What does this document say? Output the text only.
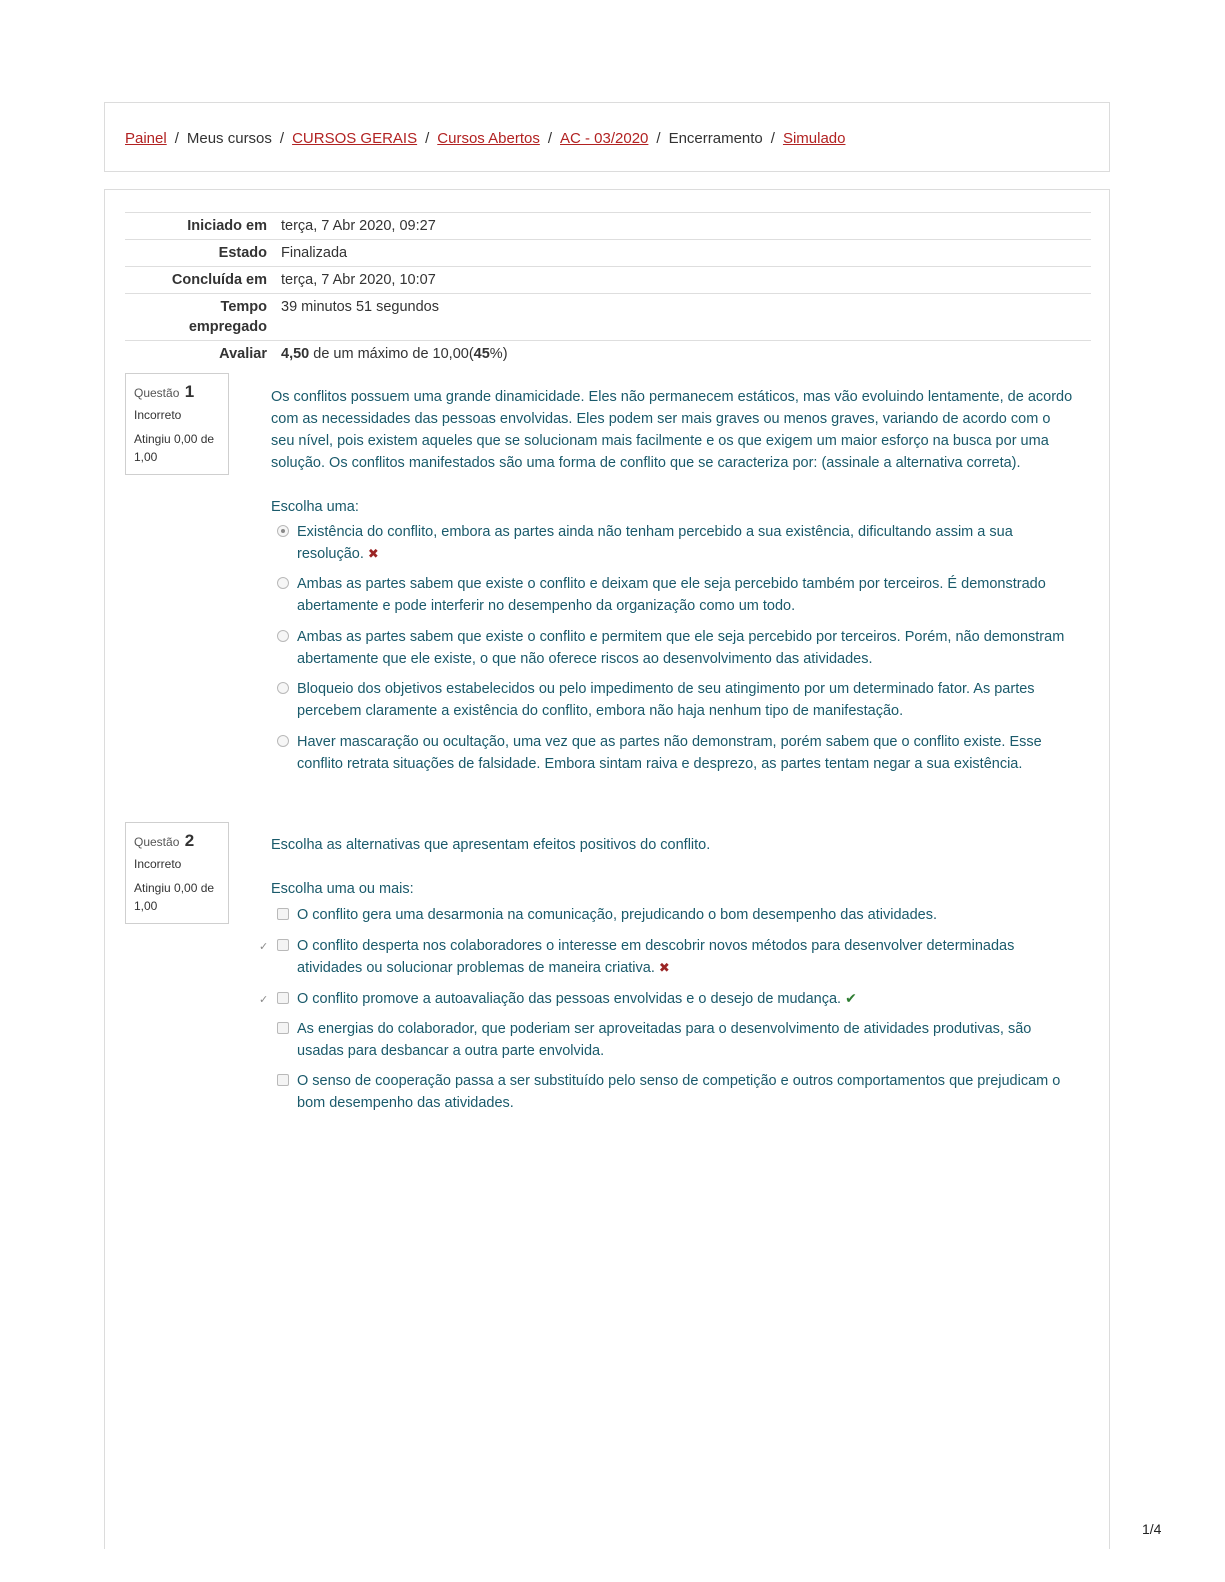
Painel / Meus cursos / CURSOS GERAIS / Cursos Abertos / AC - 03/2020 / Encerramento / Simulado
Iniciado em	terça, 7 Abr 2020, 09:27
Estado	Finalizada
Concluída em	terça, 7 Abr 2020, 10:07
Tempo
empregado	39 minutos 51 segundos
Avaliar	4,50 de um máximo de 10,00(45%)
Questão 1
Incorreto
Atingiu 0,00 de 1,00
Os conflitos possuem uma grande dinamicidade. Eles não permanecem estáticos, mas vão evoluindo lentamente, de acordo com as necessidades das pessoas envolvidas. Eles podem ser mais graves ou menos graves, variando de acordo com o seu nível, pois existem aqueles que se solucionam mais facilmente e os que exigem um maior esforço na busca por uma solução. Os conflitos manifestados são uma forma de conflito que se caracteriza por: (assinale a alternativa correta).
Escolha uma:
Existência do conflito, embora as partes ainda não tenham percebido a sua existência, dificultando assim a sua resolução. ✖
Ambas as partes sabem que existe o conflito e deixam que ele seja percebido também por terceiros. É demonstrado abertamente e pode interferir no desempenho da organização como um todo.
Ambas as partes sabem que existe o conflito e permitem que ele seja percebido por terceiros. Porém, não demonstram abertamente que ele existe, o que não oferece riscos ao desenvolvimento das atividades.
Bloqueio dos objetivos estabelecidos ou pelo impedimento de seu atingimento por um determinado fator. As partes percebem claramente a existência do conflito, embora não haja nenhum tipo de manifestação.
Haver mascaração ou ocultação, uma vez que as partes não demonstram, porém sabem que o conflito existe. Esse conflito retrata situações de falsidade. Embora sintam raiva e desprezo, as partes tentam negar a sua existência.
Questão 2
Incorreto
Atingiu 0,00 de 1,00
Escolha as alternativas que apresentam efeitos positivos do conflito.
Escolha uma ou mais:
O conflito gera uma desarmonia na comunicação, prejudicando o bom desempenho das atividades.
✓O conflito desperta nos colaboradores o interesse em descobrir novos métodos para desenvolver determinadas atividades ou solucionar problemas de maneira criativa. ✖
✓O conflito promove a autoavaliação das pessoas envolvidas e o desejo de mudança. ✔
As energias do colaborador, que poderiam ser aproveitadas para o desenvolvimento de atividades produtivas, são usadas para desbancar a outra parte envolvida.
O senso de cooperação passa a ser substituído pelo senso de competição e outros comportamentos que prejudicam o bom desempenho das atividades.
1/4
